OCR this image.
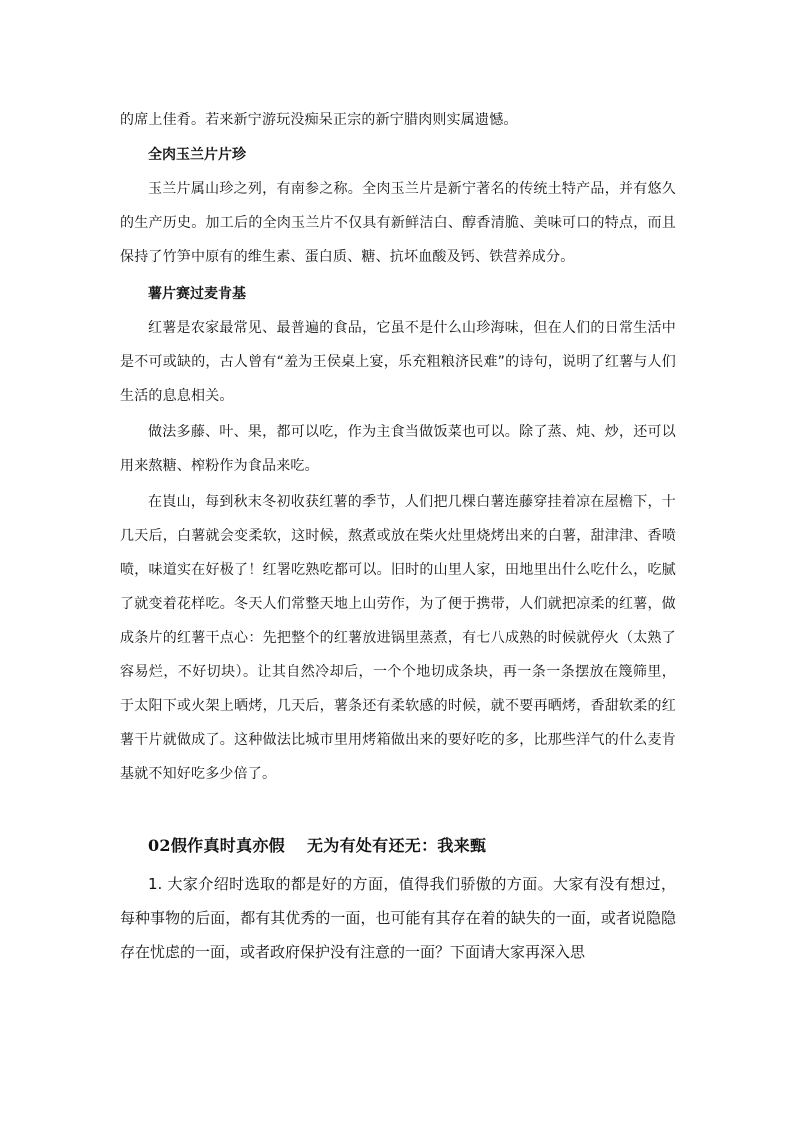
的席上佳肴。若来新宁游玩没痴呆正宗的新宁腊肉则实属遗憾。

全肉玉兰片片珍

玉兰片属山珍之列，有南参之称。全肉玉兰片是新宁著名的传统土特产品，并有悠久的生产历史。加工后的全肉玉兰片不仅具有新鲜洁白、醇香清脆、美味可口的特点，而且保持了竹笋中原有的维生素、蛋白质、糖、抗坏血酸及钙、铁营养成分。

薯片赛过麦肯基

红薯是农家最常见、最普遍的食品，它虽不是什么山珍海味，但在人们的日常生活中是不可或缺的，古人曾有“羞为王侯桌上宴，乐充粗粮济民难”的诗句，说明了红薯与人们生活的息息相关。

做法多藤、叶、果，都可以吃，作为主食当做饭菜也可以。除了蒸、炖、炒，还可以用来熬糖、榨粉作为食品来吃。

在崀山，每到秋末冬初收获红薯的季节，人们把几棵白薯连藤穿挂着凉在屋檐下，十几天后，白薯就会变柔软，这时候，熬煮或放在柴火灶里烧烤出来的白薯，甜津津、香喷喷，味道实在好极了！红署吃熟吃都可以。旧时的山里人家，田地里出什么吃什么，吃腻了就变着花样吃。冬天人们常整天地上山劳作，为了便于携带，人们就把凉柔的红薯，做成条片的红薯干点心：先把整个的红薯放进锅里蒸煮，有七八成熟的时候就停火（太熟了容易烂，不好切块）。让其自然冷却后，一个个地切成条块，再一条一条摆放在篾筛里，于太阳下或火架上晒烤，几天后，薯条还有柔软感的时候，就不要再晒烤，香甜软柔的红薯干片就做成了。这种做法比城市里用烤箱做出来的要好吃的多，比那些洋气的什么麦肯基就不知好吃多少倍了。

02假作真时真亦假 无为有处有还无：我来甄

1. 大家介绍时选取的都是好的方面，值得我们骄傲的方面。大家有没有想过，每种事物的后面，都有其优秀的一面，也可能有其存在着的缺失的一面，或者说隐隐存在忧虑的一面，或者政府保护没有注意的一面？下面请大家再深入思
